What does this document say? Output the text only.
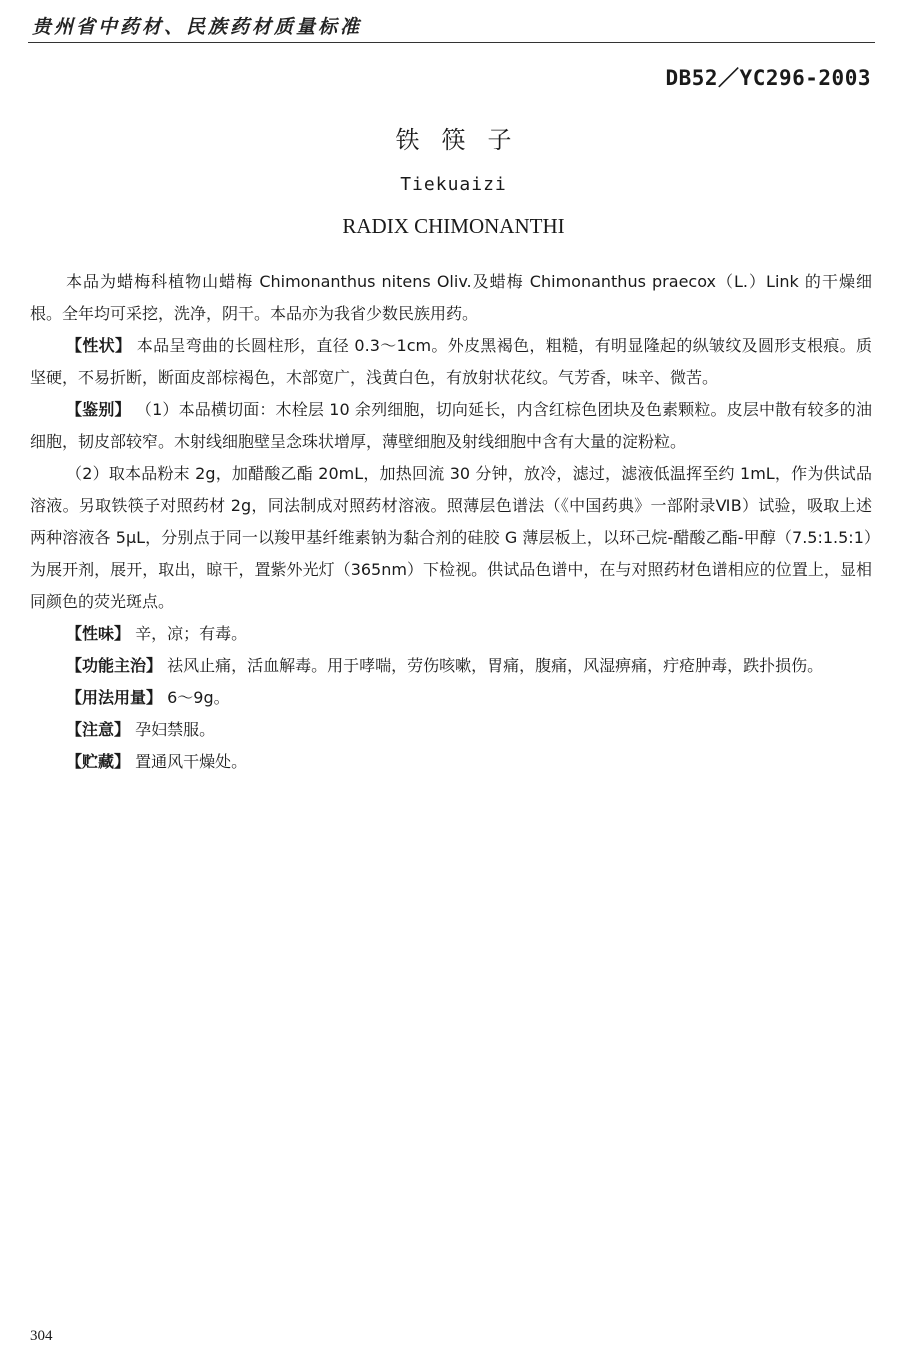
贵州省中药材、民族药材质量标准
DB52／YC296-2003
铁筷子
Tiekuaizi
RADIX CHIMONANTHI

本品为蜡梅科植物山蜡梅 Chimonanthus nitens Oliv.及蜡梅 Chimonanthus praecox（L.）Link 的干燥细根。全年均可采挖，洗净，阴干。本品亦为我省少数民族用药。

【性状】 本品呈弯曲的长圆柱形，直径 0.3～1cm。外皮黑褐色，粗糙，有明显隆起的纵皱纹及圆形支根痕。质坚硬，不易折断，断面皮部棕褐色，木部宽广，浅黄白色，有放射状花纹。气芳香，味辛、微苦。

【鉴别】 （1）本品横切面：木栓层 10 余列细胞，切向延长，内含红棕色团块及色素颗粒。皮层中散有较多的油细胞，韧皮部较窄。木射线细胞壁呈念珠状增厚，薄壁细胞及射线细胞中含有大量的淀粉粒。

（2）取本品粉末 2g，加醋酸乙酯 20mL，加热回流 30 分钟，放冷，滤过，滤液低温挥至约 1mL，作为供试品溶液。另取铁筷子对照药材 2g，同法制成对照药材溶液。照薄层色谱法（《中国药典》一部附录ⅥB）试验，吸取上述两种溶液各 5μL，分别点于同一以羧甲基纤维素钠为黏合剂的硅胶 G 薄层板上，以环己烷-醋酸乙酯-甲醇（7.5:1.5:1）为展开剂，展开，取出，晾干，置紫外光灯（365nm）下检视。供试品色谱中，在与对照药材色谱相应的位置上，显相同颜色的荧光斑点。

【性味】 辛，凉；有毒。

【功能主治】 祛风止痛，活血解毒。用于哮喘，劳伤咳嗽，胃痛，腹痛，风湿痹痛，疔疮肿毒，跌扑损伤。

【用法用量】 6～9g。

【注意】 孕妇禁服。

【贮藏】 置通风干燥处。

304
